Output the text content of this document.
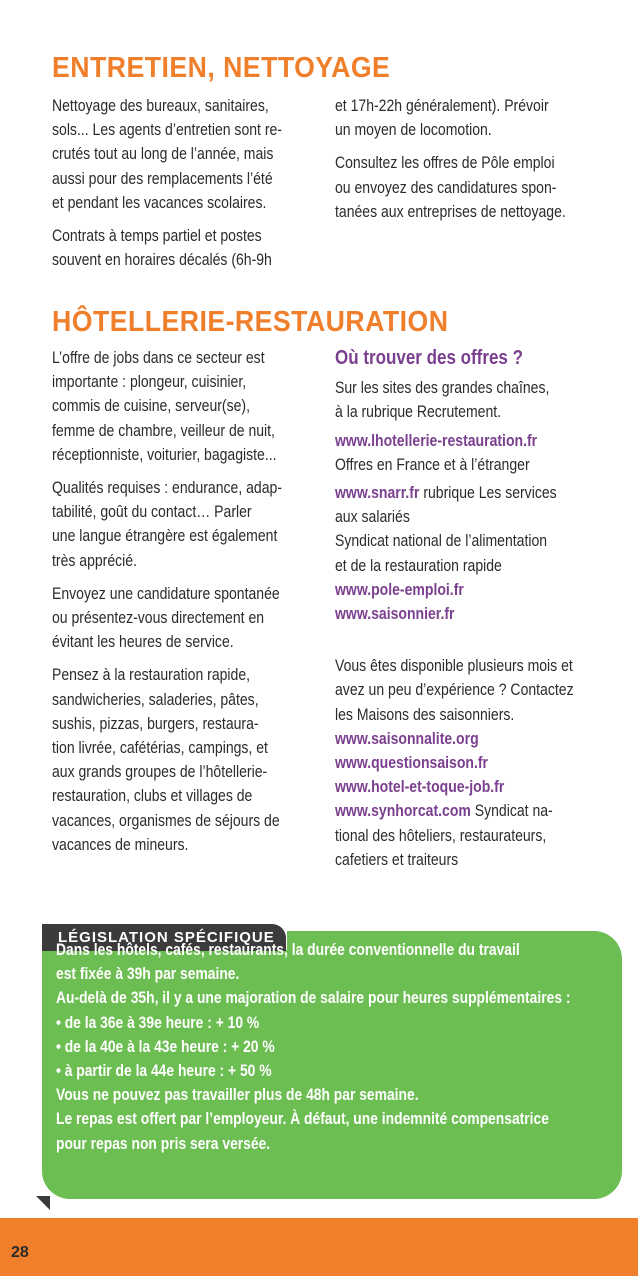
ENTRETIEN, NETTOYAGE

Nettoyage des bureaux, sanitaires,
sols... Les agents d’entretien sont re-
crutés tout au long de l’année, mais
aussi pour des remplacements l’été
et pendant les vacances scolaires.

Contrats à temps partiel et postes
souvent en horaires décalés (6h-9h

et 17h-22h généralement). Prévoir
un moyen de locomotion.

Consultez les offres de Pôle emploi
ou envoyez des candidatures spon-
tanées aux entreprises de nettoyage.

HÔTELLERIE-RESTAURATION

L’offre de jobs dans ce secteur est
importante : plongeur, cuisinier,
commis de cuisine, serveur(se),
femme de chambre, veilleur de nuit,
réceptionniste, voiturier, bagagiste...

Qualités requises : endurance, adap-
tabilité, goût du contact… Parler
une langue étrangère est également
très apprécié.

Envoyez une candidature spontanée
ou présentez-vous directement en
évitant les heures de service.

Pensez à la restauration rapide,
sandwicheries, saladeries, pâtes,
sushis, pizzas, burgers, restaura-
tion livrée, cafétérias, campings, et
aux grands groupes de l’hôtellerie-
restauration, clubs et villages de
vacances, organismes de séjours de
vacances de mineurs.

Où trouver des offres ?

Sur les sites des grandes chaînes,
à la rubrique Recrutement.

www.lhotellerie-restauration.fr
Offres en France et à l’étranger

www.snarr.fr rubrique Les services
aux salariés
Syndicat national de l’alimentation
et de la restauration rapide
www.pole-emploi.fr
www.saisonnier.fr

Vous êtes disponible plusieurs mois et
avez un peu d’expérience ? Contactez
les Maisons des saisonniers.
www.saisonnalite.org
www.questionsaison.fr
www.hotel-et-toque-job.fr
www.synhorcat.com Syndicat na-
tional des hôteliers, restaurateurs,
cafetiers et traiteurs

LÉGISLATION SPÉCIFIQUE
Dans les hôtels, cafés, restaurants, la durée conventionnelle du travail
est fixée à 39h par semaine.
Au-delà de 35h, il y a une majoration de salaire pour heures supplémentaires :
• de la 36e à 39e heure : + 10 %
• de la 40e à la 43e heure : + 20 %
• à partir de la 44e heure : + 50 %
Vous ne pouvez pas travailler plus de 48h par semaine.
Le repas est offert par l’employeur. À défaut, une indemnité compensatrice
pour repas non pris sera versée.
28
